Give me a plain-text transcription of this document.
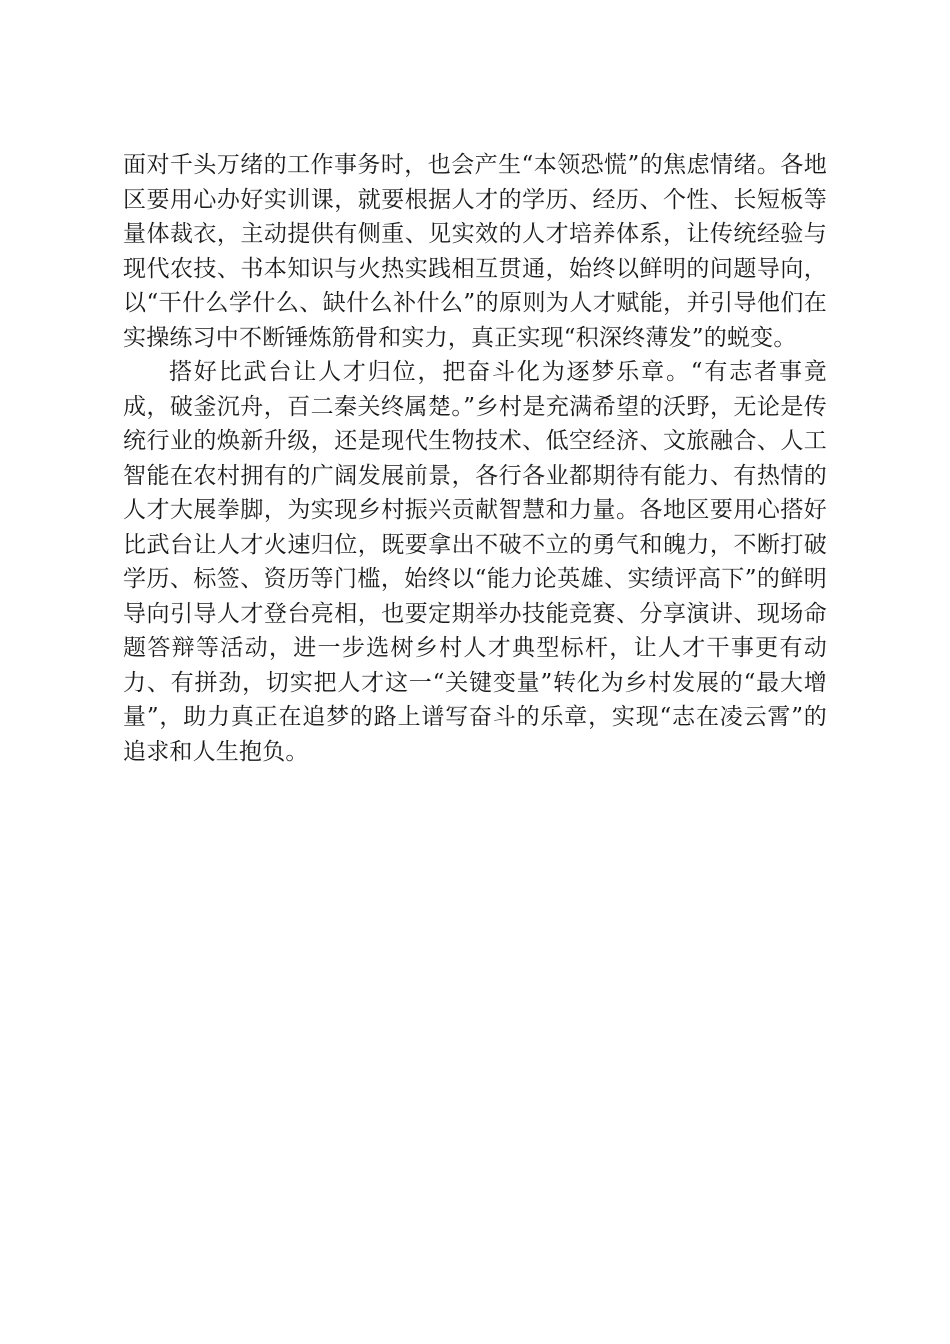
面对千头万绪的工作事务时，也会产生“本领恐慌”的焦虑情绪。各地区要用心办好实训课，就要根据人才的学历、经历、个性、长短板等量体裁衣，主动提供有侧重、见实效的人才培养体系，让传统经验与现代农技、书本知识与火热实践相互贯通，始终以鲜明的问题导向，以“干什么学什么、缺什么补什么”的原则为人才赋能，并引导他们在实操练习中不断锤炼筋骨和实力，真正实现“积深终薄发”的蜕变。

搭好比武台让人才归位，把奋斗化为逐梦乐章。“有志者事竟成，破釜沉舟，百二秦关终属楚。”乡村是充满希望的沃野，无论是传统行业的焕新升级，还是现代生物技术、低空经济、文旅融合、人工智能在农村拥有的广阔发展前景，各行各业都期待有能力、有热情的人才大展拳脚，为实现乡村振兴贡献智慧和力量。各地区要用心搭好比武台让人才火速归位，既要拿出不破不立的勇气和魄力，不断打破学历、标签、资历等门槛，始终以“能力论英雄、实绩评高下”的鲜明导向引导人才登台亮相，也要定期举办技能竞赛、分享演讲、现场命题答辩等活动，进一步选树乡村人才典型标杆，让人才干事更有动力、有拼劲，切实把人才这一“关键变量”转化为乡村发展的“最大增量”，助力真正在追梦的路上谱写奋斗的乐章，实现“志在凌云霄”的追求和人生抱负。
